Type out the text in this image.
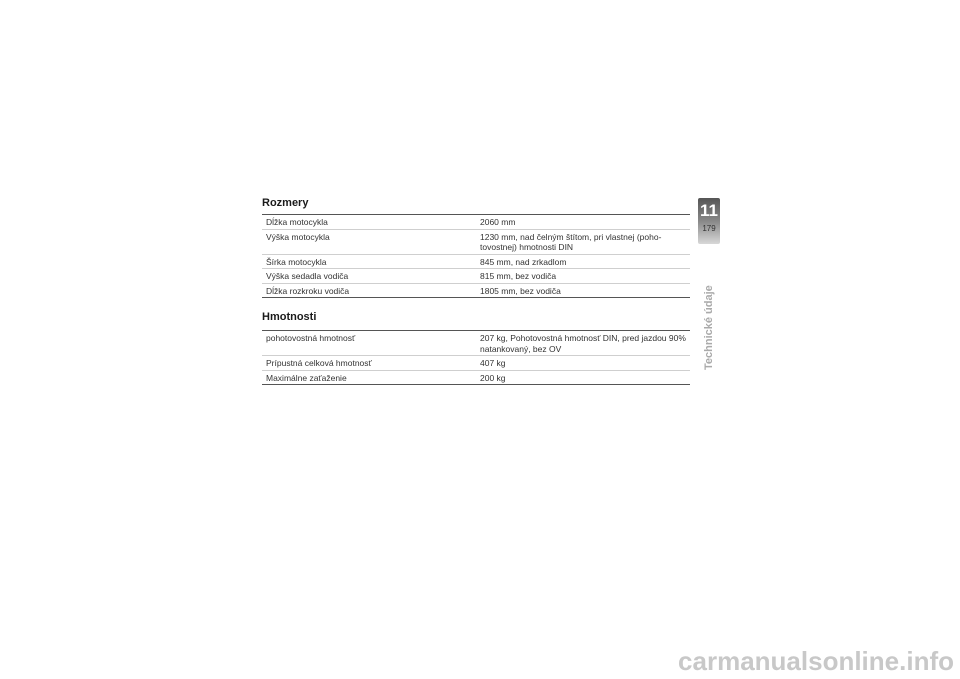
Rozmery
Dĺžka motocykla	2060 mm
Výška motocykla	1230 mm, nad čelným štítom, pri vlastnej (poho-tovostnej) hmotnosti DIN
Šírka motocykla	845 mm, nad zrkadlom
Výška sedadla vodiča	815 mm, bez vodiča
Dĺžka rozkroku vodiča	1805 mm, bez vodiča
Hmotnosti
pohotovostná hmotnosť	207 kg, Pohotovostná hmotnosť DIN, pred jazdou 90% natankovaný, bez OV
Prípustná celková hmotnosť	407 kg
Maximálne zaťaženie	200 kg
11
179
Technické údaje
carmanualsonline.info
